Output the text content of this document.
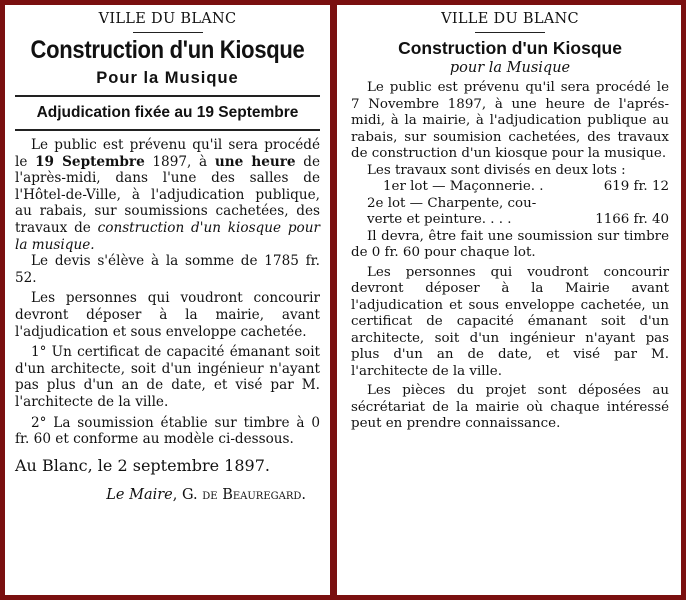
VILLE DU BLANC

Construction d'un Kiosque

Pour la Musique

Adjudication fixée au 19 Septembre

Le public est prévenu qu'il sera procédé le 19 Septembre 1897, à une heure de l'après-midi, dans l'une des salles de l'Hôtel-de-Ville, à l'adjudication publique, au rabais, sur soumissions cachetées, des travaux de construction d'un kiosque pour la musique.

Le devis s'élève à la somme de 1785 fr. 52.

Les personnes qui voudront concourir devront déposer à la mairie, avant l'adjudication et sous enveloppe cachetée.

1° Un certificat de capacité émanant soit d'un architecte, soit d'un ingénieur n'ayant pas plus d'un an de date, et visé par M. l'architecte de la ville.

2° La soumission établie sur timbre à 0 fr. 60 et conforme au modèle ci-dessous.

Au Blanc, le 2 septembre 1897.

Le Maire, G. de Beauregard.

VILLE DU BLANC

Construction d'un Kiosque

pour la Musique

Le public est prévenu qu'il sera procédé le 7 Novembre 1897, à une heure de l'aprés-midi, à la mairie, à l'adjudication publique au rabais, sur soumision cachetées, des travaux de construction d'un kiosque pour la musique.

Les travaux sont divisés en deux lots :

1er lot — Maçonnerie. .	619 fr. 12
2e lot — Charpente, cou-
verte et peinture. . . .	1166 fr. 40

Il devra, être fait une soumission sur timbre de 0 fr. 60 pour chaque lot.

Les personnes qui voudront concourir devront déposer à la Mairie avant l'adjudication et sous enveloppe cachetée, un certificat de capacité émanant soit d'un architecte, soit d'un ingénieur n'ayant pas plus d'un an de date, et visé par M. l'architecte de la ville.

Les pièces du projet sont déposées au sécrétariat de la mairie où chaque intéressé peut en prendre connaissance.
